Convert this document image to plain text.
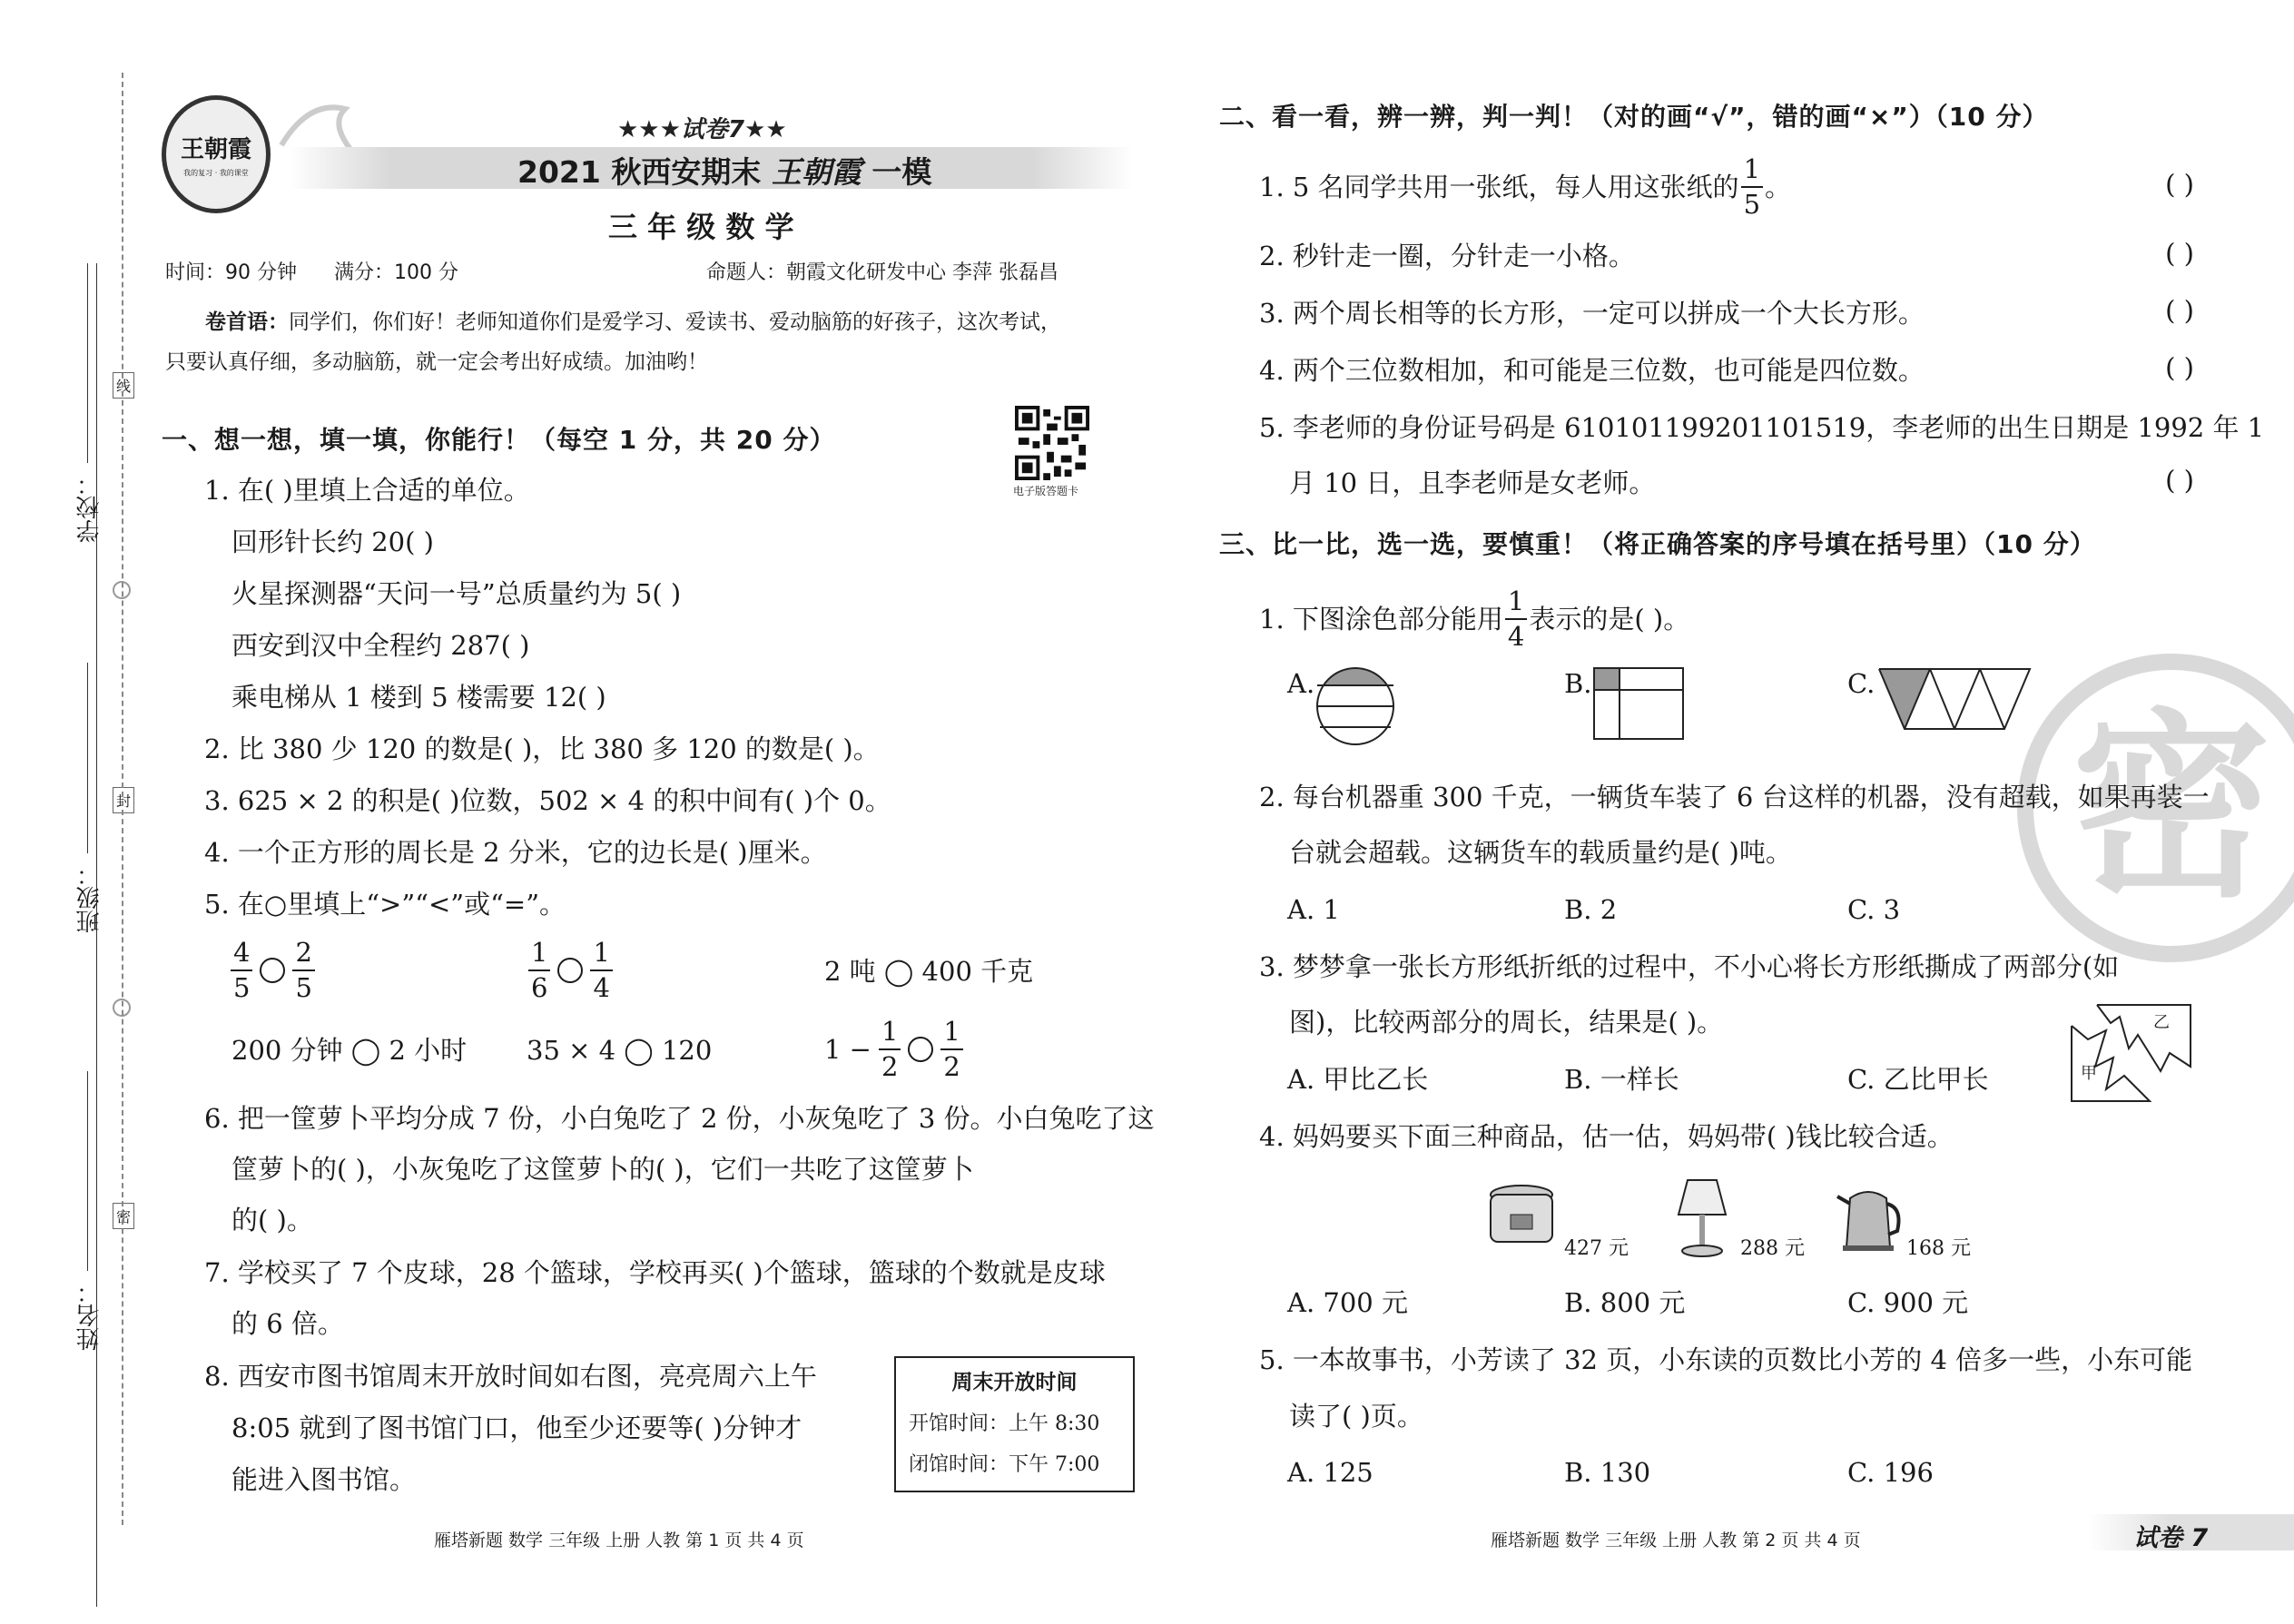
学校：
班级：
姓名：
线
封
密
王朝霞
我的复习 · 我的课堂
★★★试卷7★★
2021 秋西安期末 王朝霞 一模
三 年 级 数 学
时间：90 分钟 满分：100 分	命题人：朝霞文化研发中心 李萍 张磊昌
卷首语：同学们，你们好！老师知道你们是爱学习、爱读书、爱动脑筋的好孩子，这次考试，
只要认真仔细，多动脑筋，就一定会考出好成绩。加油哟！
电子版答题卡
一、想一想，填一填，你能行！（每空 1 分，共 20 分）
1. 在( )里填上合适的单位。
回形针长约 20( )
火星探测器“天问一号”总质量约为 5( )
西安到汉中全程约 287( )
乘电梯从 1 楼到 5 楼需要 12( )
2. 比 380 少 120 的数是( )，比 380 多 120 的数是( )。
3. 625 × 2 的积是( )位数，502 × 4 的积中间有( )个 0。
4. 一个正方形的周长是 2 分米，它的边长是( )厘米。
5. 在○里填上“>”“<”或“=”。
$\frac{4}{5} \frac{2}{5}$	$\frac{1}{6} \frac{1}{4}$	2 吨 ◯ 400 千克
200 分钟 ◯ 2 小时 35 × 4 ◯ 120	$1 - \frac{1}{2} \frac{1}{2}$
6. 把一筐萝卜平均分成 7 份，小白兔吃了 2 份，小灰兔吃了 3 份。小白兔吃了这
筐萝卜的( )，小灰兔吃了这筐萝卜的( )，它们一共吃了这筐萝卜
的( )。
7. 学校买了 7 个皮球，28 个篮球，学校再买( )个篮球，篮球的个数就是皮球
的 6 倍。
8. 西安市图书馆周末开放时间如右图，亮亮周六上午
8:05 就到了图书馆门口，他至少还要等( )分钟才
能进入图书馆。
周末开放时间
开馆时间：上午 8:30
闭馆时间：下午 7:00
雁塔新题 数学 三年级 上册 人教 第 1 页 共 4 页
密
二、看一看，辨一辨，判一判！（对的画“√”，错的画“×”）（10 分）
1. 5 名同学共用一张纸，每人用这张纸的 $\frac{1}{5}$ 。	( )
2. 秒针走一圈，分针走一小格。	( )
3. 两个周长相等的长方形，一定可以拼成一个大长方形。	( )
4. 两个三位数相加，和可能是三位数，也可能是四位数。	( )
5. 李老师的身份证号码是 610101199201101519，李老师的出生日期是 1992 年 1
月 10 日，且李老师是女老师。	( )
三、比一比，选一选，要慎重！（将正确答案的序号填在括号里）（10 分）
1. 下图涂色部分能用 $\frac{1}{4}$ 表示的是( )。
A.	B.	C.
2. 每台机器重 300 千克，一辆货车装了 6 台这样的机器，没有超载，如果再装一
台就会超载。这辆货车的载质量约是( )吨。
A. 1	B. 2	C. 3
3. 梦梦拿一张长方形纸折纸的过程中，不小心将长方形纸撕成了两部分(如
图)，比较两部分的周长，结果是( )。
甲
乙
A. 甲比乙长	B. 一样长	C. 乙比甲长
4. 妈妈要买下面三种商品，估一估，妈妈带( )钱比较合适。
427 元	288 元	168 元
A. 700 元	B. 800 元	C. 900 元
5. 一本故事书，小芳读了 32 页，小东读的页数比小芳的 4 倍多一些，小东可能
读了( )页。
A. 125	B. 130	C. 196
雁塔新题 数学 三年级 上册 人教 第 2 页 共 4 页	试卷 7
